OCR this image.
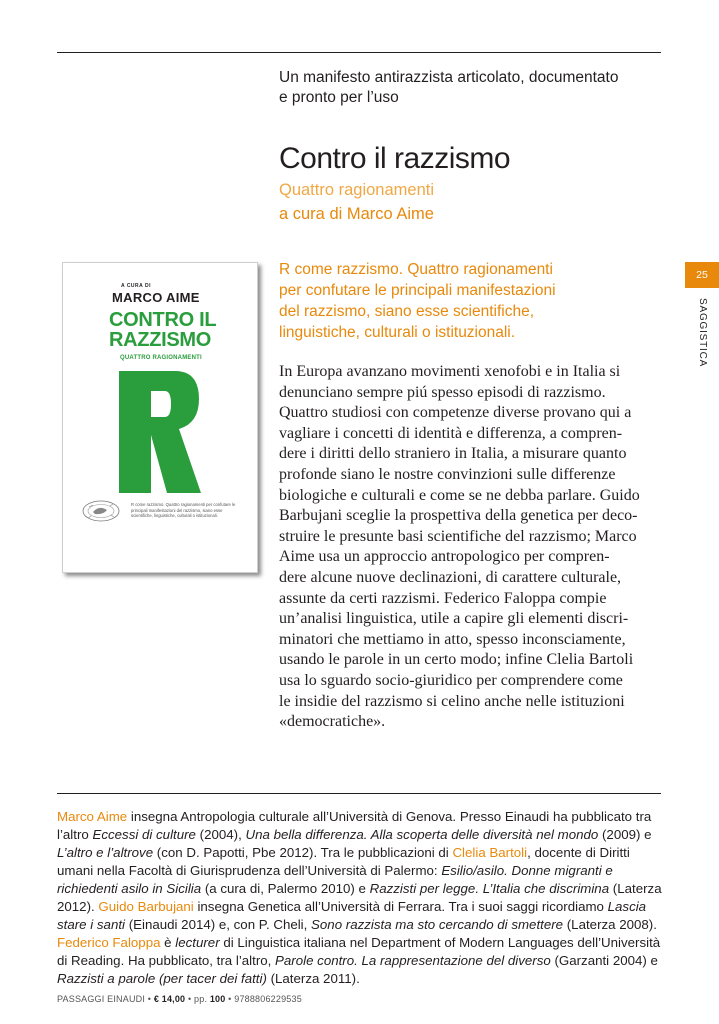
Un manifesto antirazzista articolato, documentato
e pronto per l’uso
Contro il razzismo
Quattro ragionamenti
a cura di Marco Aime
25
SAGGISTICA
A CURA DI
MARCO AIME
CONTRO IL
RAZZISMO
QUATTRO RAGIONAMENTI
R come razzismo. Quattro ragionamenti per confutare le principali manifestazioni del razzismo, siano esse scientifiche, linguistiche, culturali o istituzionali.
R come razzismo. Quattro ragionamenti
per confutare le principali manifestazioni
del razzismo, siano esse scientifiche,
linguistiche, culturali o istituzionali.
In Europa avanzano movimenti xenofobi e in Italia si
denunciano sempre piú spesso episodi di razzismo.
Quattro studiosi con competenze diverse provano qui a
vagliare i concetti di identità e differenza, a compren-
dere i diritti dello straniero in Italia, a misurare quanto
profonde siano le nostre convinzioni sulle differenze
biologiche e culturali e come se ne debba parlare. Guido
Barbujani sceglie la prospettiva della genetica per deco-
struire le presunte basi scientifiche del razzismo; Marco
Aime usa un approccio antropologico per compren-
dere alcune nuove declinazioni, di carattere culturale,
assunte da certi razzismi. Federico Faloppa compie
un’analisi linguistica, utile a capire gli elementi discri-
minatori che mettiamo in atto, spesso inconsciamente,
usando le parole in un certo modo; infine Clelia Bartoli
usa lo sguardo socio-giuridico per comprendere come
le insidie del razzismo si celino anche nelle istituzioni
«democratiche».
Marco Aime insegna Antropologia culturale all’Università di Genova. Presso Einaudi ha pubblicato tra l’altro Eccessi di culture (2004), Una bella differenza. Alla scoperta delle diversità nel mondo (2009) e L’altro e l’altrove (con D. Papotti, Pbe 2012). Tra le pubblicazioni di Clelia Bartoli, docente di Diritti umani nella Facoltà di Giurisprudenza dell’Università di Palermo: Esilio/asilo. Donne migranti e richiedenti asilo in Sicilia (a cura di, Palermo 2010) e Razzisti per legge. L’Italia che discrimina (Laterza 2012). Guido Barbujani insegna Genetica all’Università di Ferrara. Tra i suoi saggi ricordiamo Lascia stare i santi (Einaudi 2014) e, con P. Cheli, Sono razzista ma sto cercando di smettere (Laterza 2008). Federico Faloppa è lecturer di Linguistica italiana nel Department of Modern Languages dell’Università di Reading. Ha pubblicato, tra l’altro, Parole contro. La rappresentazione del diverso (Garzanti 2004) e Razzisti a parole (per tacer dei fatti) (Laterza 2011).
PASSAGGI EINAUDI • € 14,00 • pp. 100 • 9788806229535
